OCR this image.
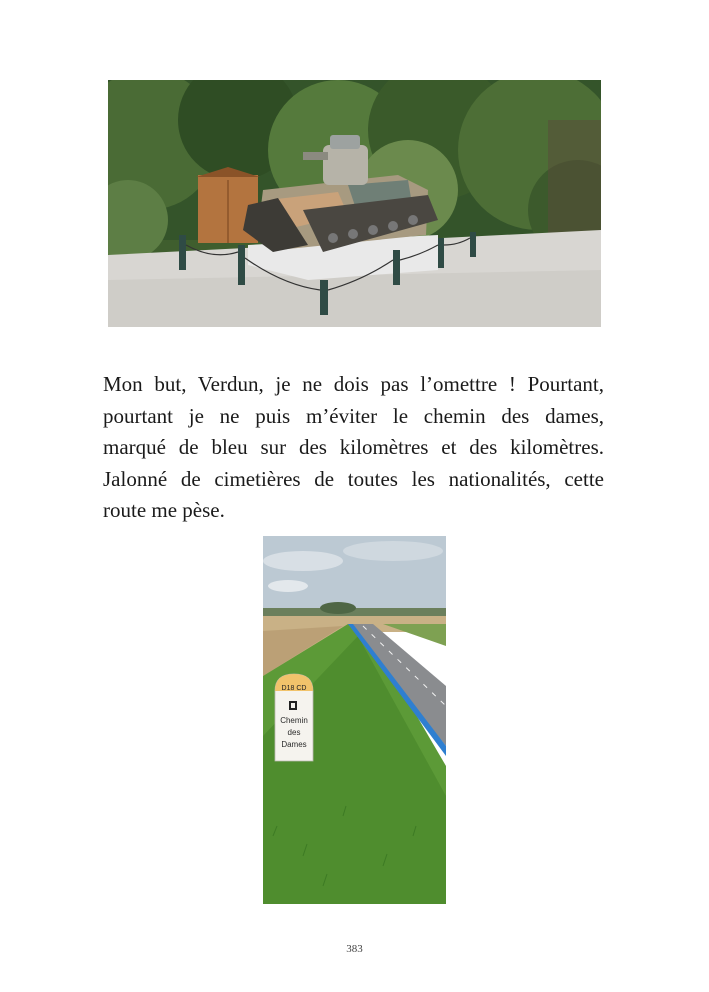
Mon but, Verdun, je ne dois pas l’omettre ! Pourtant,
pourtant je ne puis m’éviter le chemin des dames,
marqué de bleu sur des kilomètres et des kilomètres.
Jalonné de cimetières de toutes les nationalités, cette
route me pèse.

D18 CD
Chemin
des
Dames
383
